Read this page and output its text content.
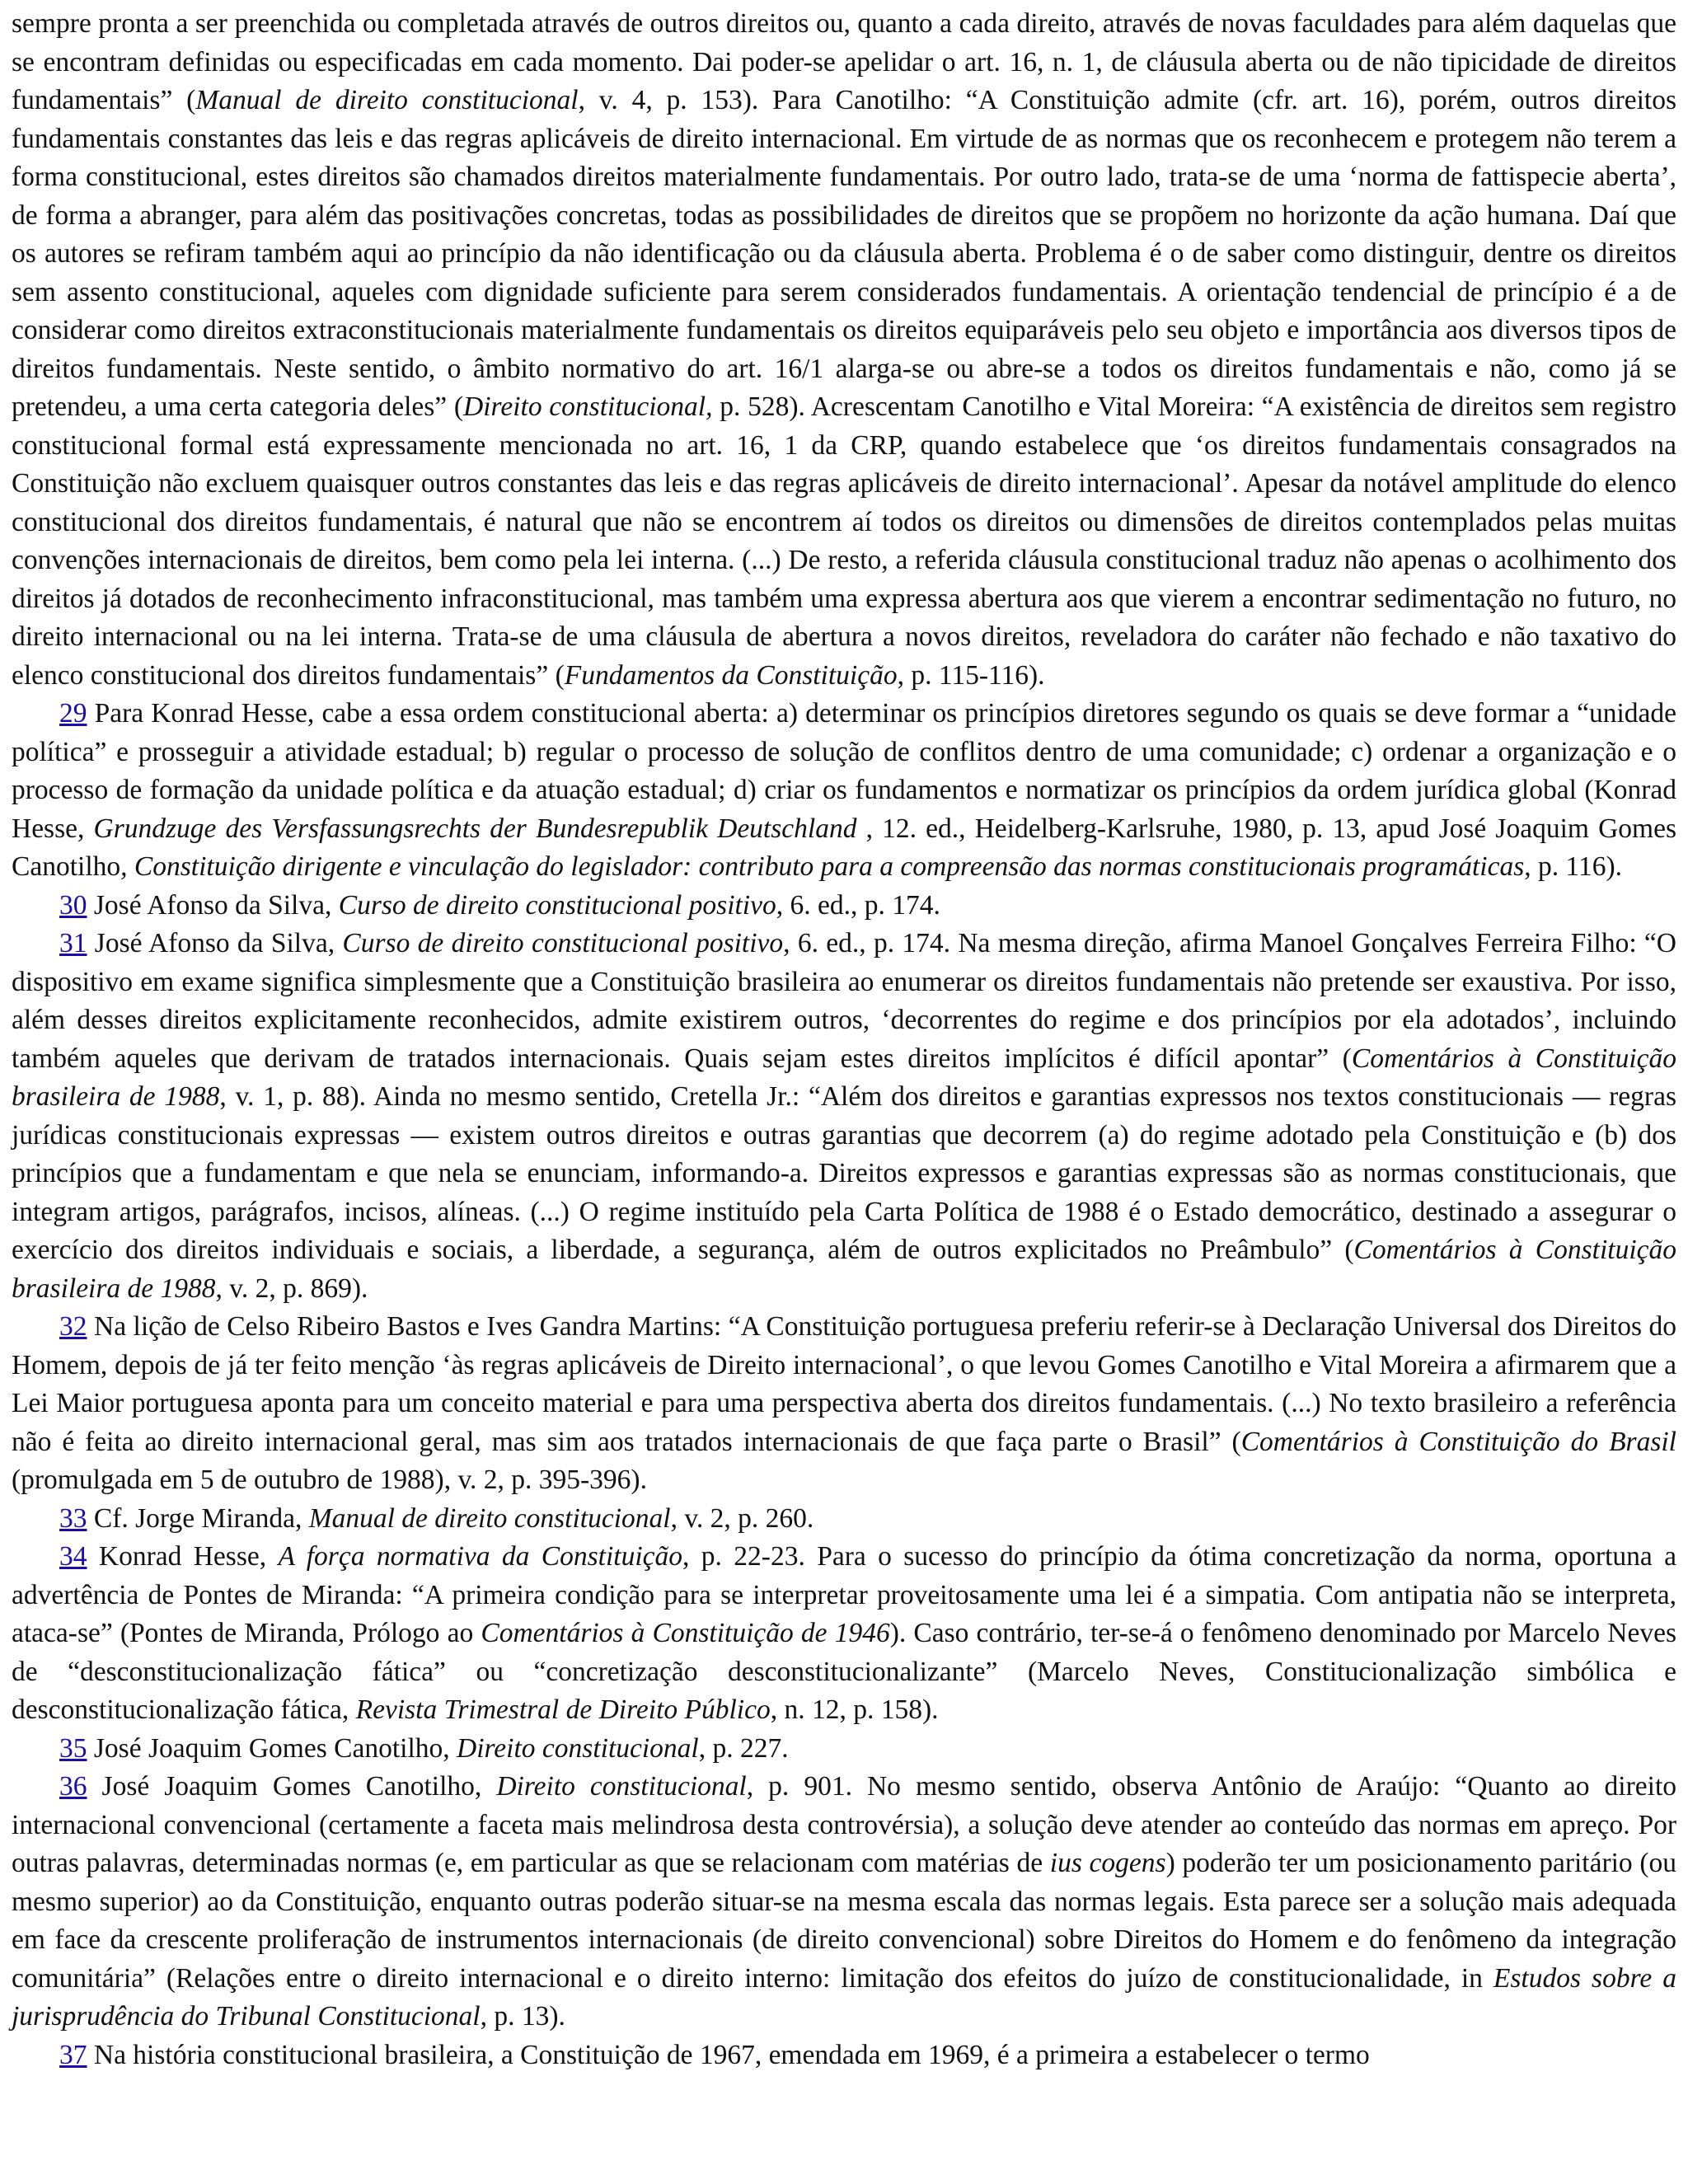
sempre pronta a ser preenchida ou completada através de outros direitos ou, quanto a cada direito, através de novas faculdades para além daquelas que se encontram definidas ou especificadas em cada momento. Dai poder-se apelidar o art. 16, n. 1, de cláusula aberta ou de não tipicidade de direitos fundamentais” (Manual de direito constitucional, v. 4, p. 153). Para Canotilho: “A Constituição admite (cfr. art. 16), porém, outros direitos fundamentais constantes das leis e das regras aplicáveis de direito internacional. Em virtude de as normas que os reconhecem e protegem não terem a forma constitucional, estes direitos são chamados direitos materialmente fundamentais. Por outro lado, trata-se de uma ‘norma de fattispecie aberta’, de forma a abranger, para além das positivações concretas, todas as possibilidades de direitos que se propõem no horizonte da ação humana. Daí que os autores se refiram também aqui ao princípio da não identificação ou da cláusula aberta. Problema é o de saber como distinguir, dentre os direitos sem assento constitucional, aqueles com dignidade suficiente para serem considerados fundamentais. A orientação tendencial de princípio é a de considerar como direitos extraconstitucionais materialmente fundamentais os direitos equiparáveis pelo seu objeto e importância aos diversos tipos de direitos fundamentais. Neste sentido, o âmbito normativo do art. 16/1 alarga-se ou abre-se a todos os direitos fundamentais e não, como já se pretendeu, a uma certa categoria deles” (Direito constitucional, p. 528). Acrescentam Canotilho e Vital Moreira: “A existência de direitos sem registro constitucional formal está expressamente mencionada no art. 16, 1 da CRP, quando estabelece que ‘os direitos fundamentais consagrados na Constituição não excluem quaisquer outros constantes das leis e das regras aplicáveis de direito internacional’. Apesar da notável amplitude do elenco constitucional dos direitos fundamentais, é natural que não se encontrem aí todos os direitos ou dimensões de direitos contemplados pelas muitas convenções internacionais de direitos, bem como pela lei interna. (...) De resto, a referida cláusula constitucional traduz não apenas o acolhimento dos direitos já dotados de reconhecimento infraconstitucional, mas também uma expressa abertura aos que vierem a encontrar sedimentação no futuro, no direito internacional ou na lei interna. Trata-se de uma cláusula de abertura a novos direitos, reveladora do caráter não fechado e não taxativo do elenco constitucional dos direitos fundamentais” (Fundamentos da Constituição, p. 115-116).

29 Para Konrad Hesse, cabe a essa ordem constitucional aberta: a) determinar os princípios diretores segundo os quais se deve formar a “unidade política” e prosseguir a atividade estadual; b) regular o processo de solução de conflitos dentro de uma comunidade; c) ordenar a organização e o processo de formação da unidade política e da atuação estadual; d) criar os fundamentos e normatizar os princípios da ordem jurídica global (Konrad Hesse, Grundzuge des Versfassungsrechts der Bundesrepublik Deutschland , 12. ed., Heidelberg-Karlsruhe, 1980, p. 13, apud José Joaquim Gomes Canotilho, Constituição dirigente e vinculação do legislador: contributo para a compreensão das normas constitucionais programáticas, p. 116).

30 José Afonso da Silva, Curso de direito constitucional positivo, 6. ed., p. 174.

31 José Afonso da Silva, Curso de direito constitucional positivo, 6. ed., p. 174. Na mesma direção, afirma Manoel Gonçalves Ferreira Filho: “O dispositivo em exame significa simplesmente que a Constituição brasileira ao enumerar os direitos fundamentais não pretende ser exaustiva. Por isso, além desses direitos explicitamente reconhecidos, admite existirem outros, ‘decorrentes do regime e dos princípios por ela adotados’, incluindo também aqueles que derivam de tratados internacionais. Quais sejam estes direitos implícitos é difícil apontar” (Comentários à Constituição brasileira de 1988, v. 1, p. 88). Ainda no mesmo sentido, Cretella Jr.: “Além dos direitos e garantias expressos nos textos constitucionais — regras jurídicas constitucionais expressas — existem outros direitos e outras garantias que decorrem (a) do regime adotado pela Constituição e (b) dos princípios que a fundamentam e que nela se enunciam, informando-a. Direitos expressos e garantias expressas são as normas constitucionais, que integram artigos, parágrafos, incisos, alíneas. (...) O regime instituído pela Carta Política de 1988 é o Estado democrático, destinado a assegurar o exercício dos direitos individuais e sociais, a liberdade, a segurança, além de outros explicitados no Preâmbulo” (Comentários à Constituição brasileira de 1988, v. 2, p. 869).

32 Na lição de Celso Ribeiro Bastos e Ives Gandra Martins: “A Constituição portuguesa preferiu referir-se à Declaração Universal dos Direitos do Homem, depois de já ter feito menção ‘às regras aplicáveis de Direito internacional’, o que levou Gomes Canotilho e Vital Moreira a afirmarem que a Lei Maior portuguesa aponta para um conceito material e para uma perspectiva aberta dos direitos fundamentais. (...) No texto brasileiro a referência não é feita ao direito internacional geral, mas sim aos tratados internacionais de que faça parte o Brasil” (Comentários à Constituição do Brasil (promulgada em 5 de outubro de 1988), v. 2, p. 395-396).

33 Cf. Jorge Miranda, Manual de direito constitucional, v. 2, p. 260.

34 Konrad Hesse, A força normativa da Constituição, p. 22-23. Para o sucesso do princípio da ótima concretização da norma, oportuna a advertência de Pontes de Miranda: “A primeira condição para se interpretar proveitosamente uma lei é a simpatia. Com antipatia não se interpreta, ataca-se” (Pontes de Miranda, Prólogo ao Comentários à Constituição de 1946). Caso contrário, ter-se-á o fenômeno denominado por Marcelo Neves de “desconstitucionalização fática” ou “concretização desconstitucionalizante” (Marcelo Neves, Constitucionalização simbólica e desconstitucionalização fática, Revista Trimestral de Direito Público, n. 12, p. 158).

35 José Joaquim Gomes Canotilho, Direito constitucional, p. 227.

36 José Joaquim Gomes Canotilho, Direito constitucional, p. 901. No mesmo sentido, observa Antônio de Araújo: “Quanto ao direito internacional convencional (certamente a faceta mais melindrosa desta controvérsia), a solução deve atender ao conteúdo das normas em apreço. Por outras palavras, determinadas normas (e, em particular as que se relacionam com matérias de ius cogens) poderão ter um posicionamento paritário (ou mesmo superior) ao da Constituição, enquanto outras poderão situar-se na mesma escala das normas legais. Esta parece ser a solução mais adequada em face da crescente proliferação de instrumentos internacionais (de direito convencional) sobre Direitos do Homem e do fenômeno da integração comunitária” (Relações entre o direito internacional e o direito interno: limitação dos efeitos do juízo de constitucionalidade, in Estudos sobre a jurisprudência do Tribunal Constitucional, p. 13).

37 Na história constitucional brasileira, a Constituição de 1967, emendada em 1969, é a primeira a estabelecer o termo
